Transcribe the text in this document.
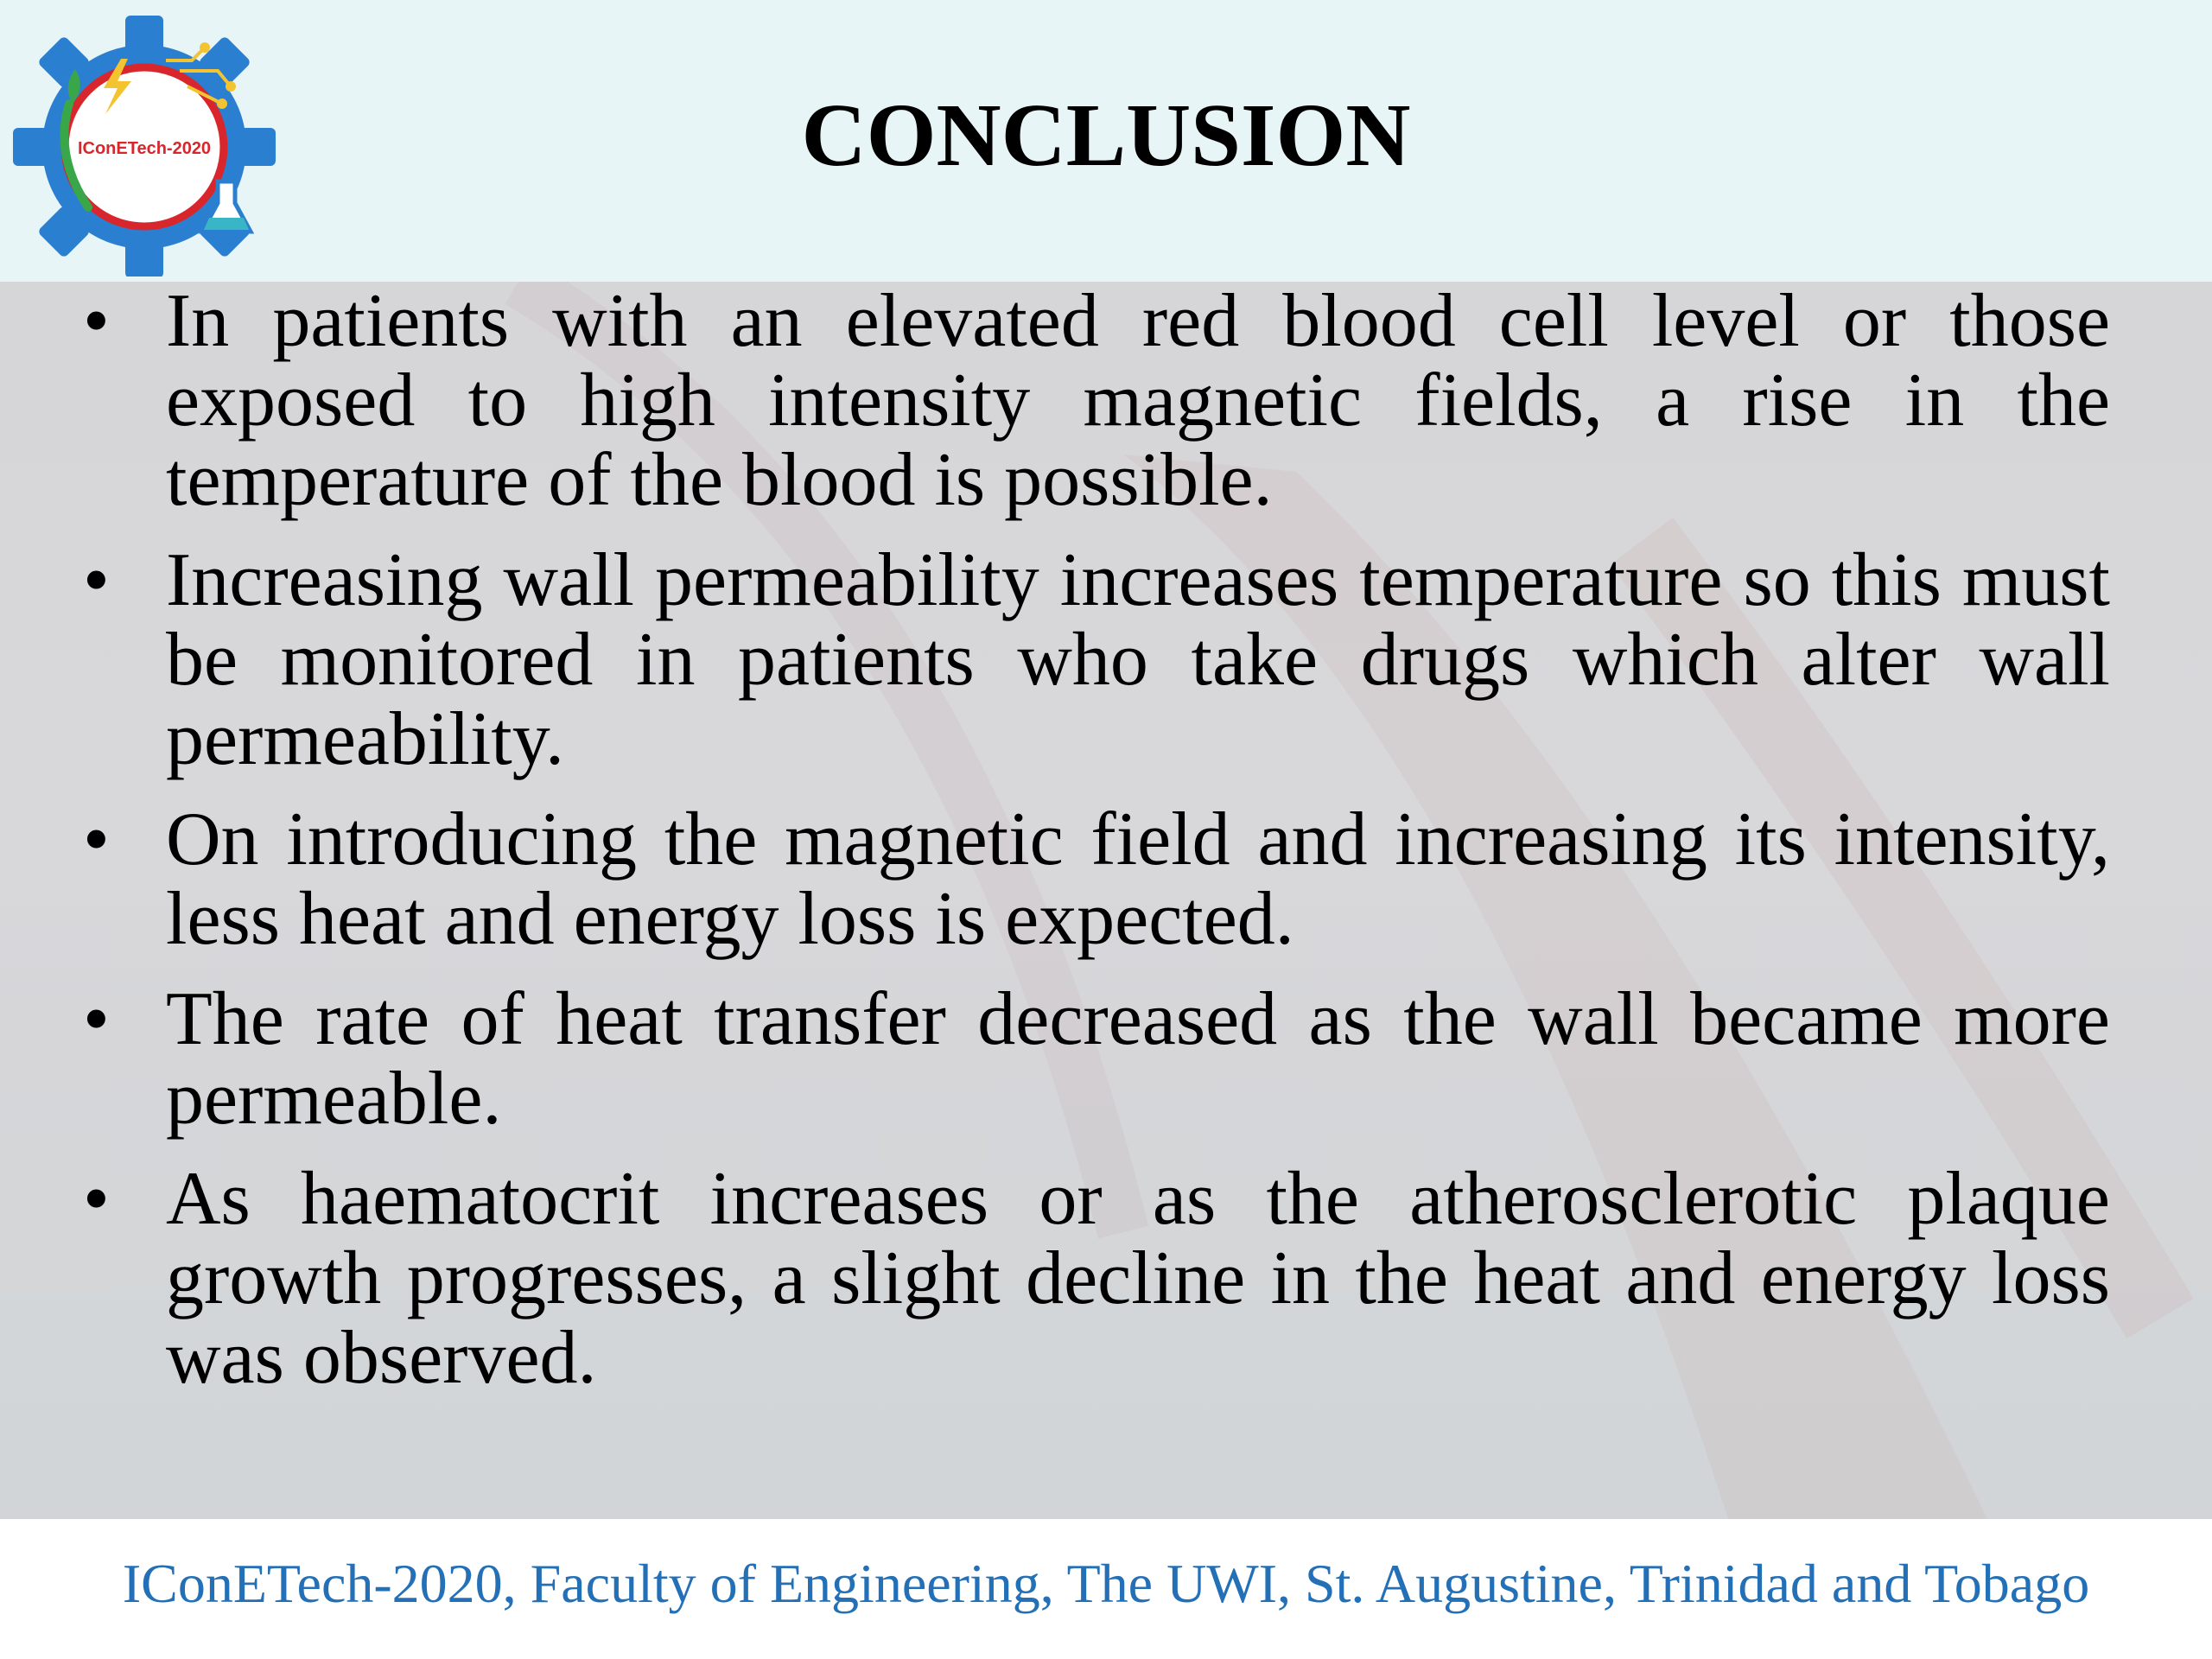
IConETech-2020	CONCLUSION
• In patients with an elevated red blood cell level or those exposed to high intensity magnetic fields, a rise in the temperature of the blood is possible.
• Increasing wall permeability increases temperature so this must be monitored in patients who take drugs which alter wall permeability.
• On introducing the magnetic field and increasing its intensity, less heat and energy loss is expected.
• The rate of heat transfer decreased as the wall became more permeable.
• As haematocrit increases or as the atherosclerotic plaque growth progresses, a slight decline in the heat and energy loss was observed.
IConETech-2020, Faculty of Engineering, The UWI, St. Augustine, Trinidad and Tobago
